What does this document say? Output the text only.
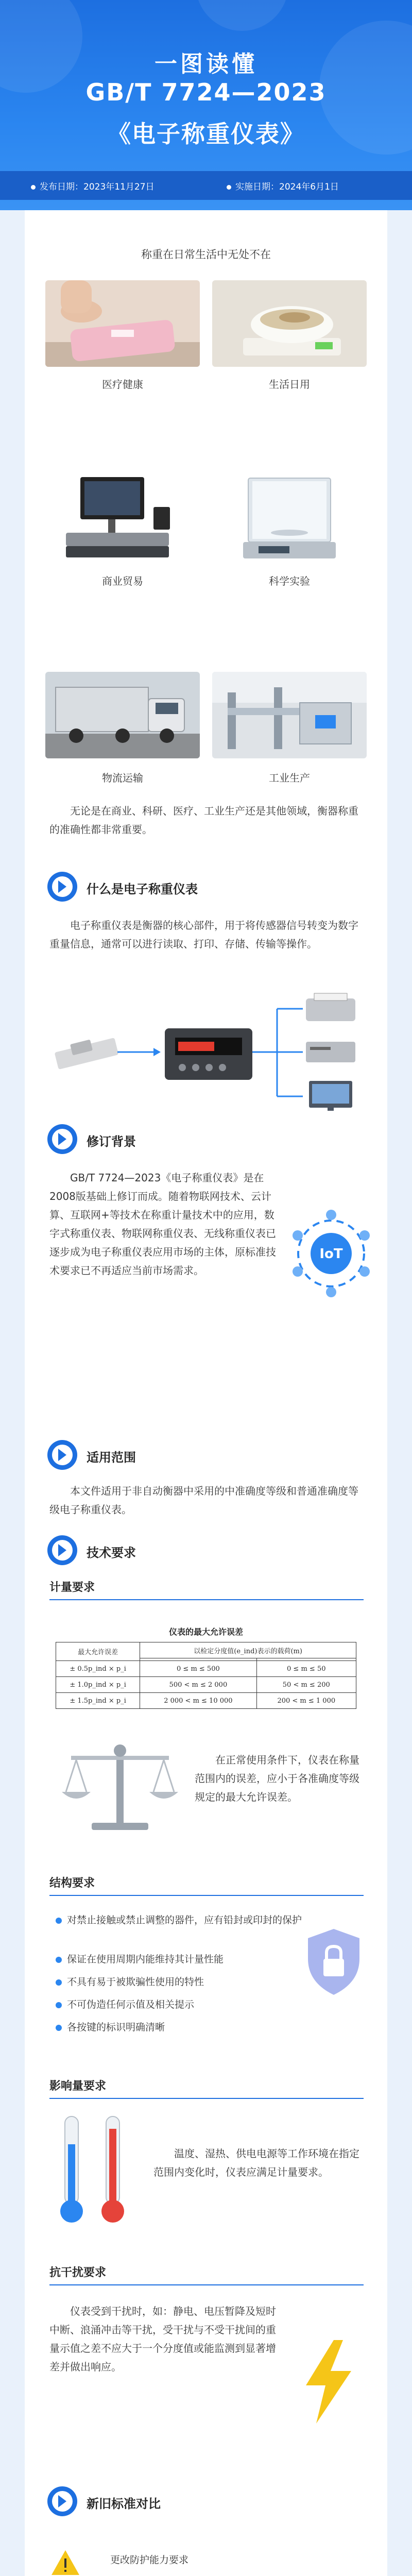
一图读懂
GB/T 7724—2023
《电子称重仪表》
发布日期：2023年11月27日	实施日期：2024年6月1日
称重在日常生活中无处不在
医疗健康	生活日用
商业贸易	科学实验
物流运输	工业生产
无论是在商业、科研、医疗、工业生产还是其他领域，衡器称重的准确性都非常重要。
什么是电子称重仪表
电子称重仪表是衡器的核心部件，用于将传感器信号转变为数字重量信息，通常可以进行读取、打印、存储、传输等操作。
修订背景
GB/T 7724—2023《电子称重仪表》是在2008版基础上修订而成。随着物联网技术、云计算、互联网+等技术在称重计量技术中的应用，数字式称重仪表、物联网称重仪表、无线称重仪表已逐步成为电子称重仪表应用市场的主体，原标准技术要求已不再适应当前市场需求。
IoT
适用范围
本文件适用于非自动衡器中采用的中准确度等级和普通准确度等级电子称重仪表。
技术要求
计量要求
仪表的最大允许误差
最大允许误差	以检定分度值(e_ind)表示的载荷(m)	

± 0.5p_ind × p_i	0 ≤ m ≤ 500	0 ≤ m ≤ 50
± 1.0p_ind × p_i	500 < m ≤ 2 000	50 < m ≤ 200
± 1.5p_ind × p_i	2 000 < m ≤ 10 000	200 < m ≤ 1 000
在正常使用条件下，仪表在称量范围内的误差，应小于各准确度等级规定的最大允许误差。
结构要求
对禁止接触或禁止调整的器件，应有铅封或印封的保护
保证在使用周期内能维持其计量性能
不具有易于被欺骗性使用的特性
不可伪造任何示值及相关提示
各按键的标识明确清晰
影响量要求
温度、湿热、供电电源等工作环境在指定范围内变化时，仪表应满足计量要求。
抗干扰要求
仪表受到干扰时，如：静电、电压暂降及短时中断、浪涌冲击等干扰，受干扰与不受干扰间的重量示值之差不应大于一个分度值或能监测到显著增差并做出响应。
新旧标准对比
更改防护能力要求
